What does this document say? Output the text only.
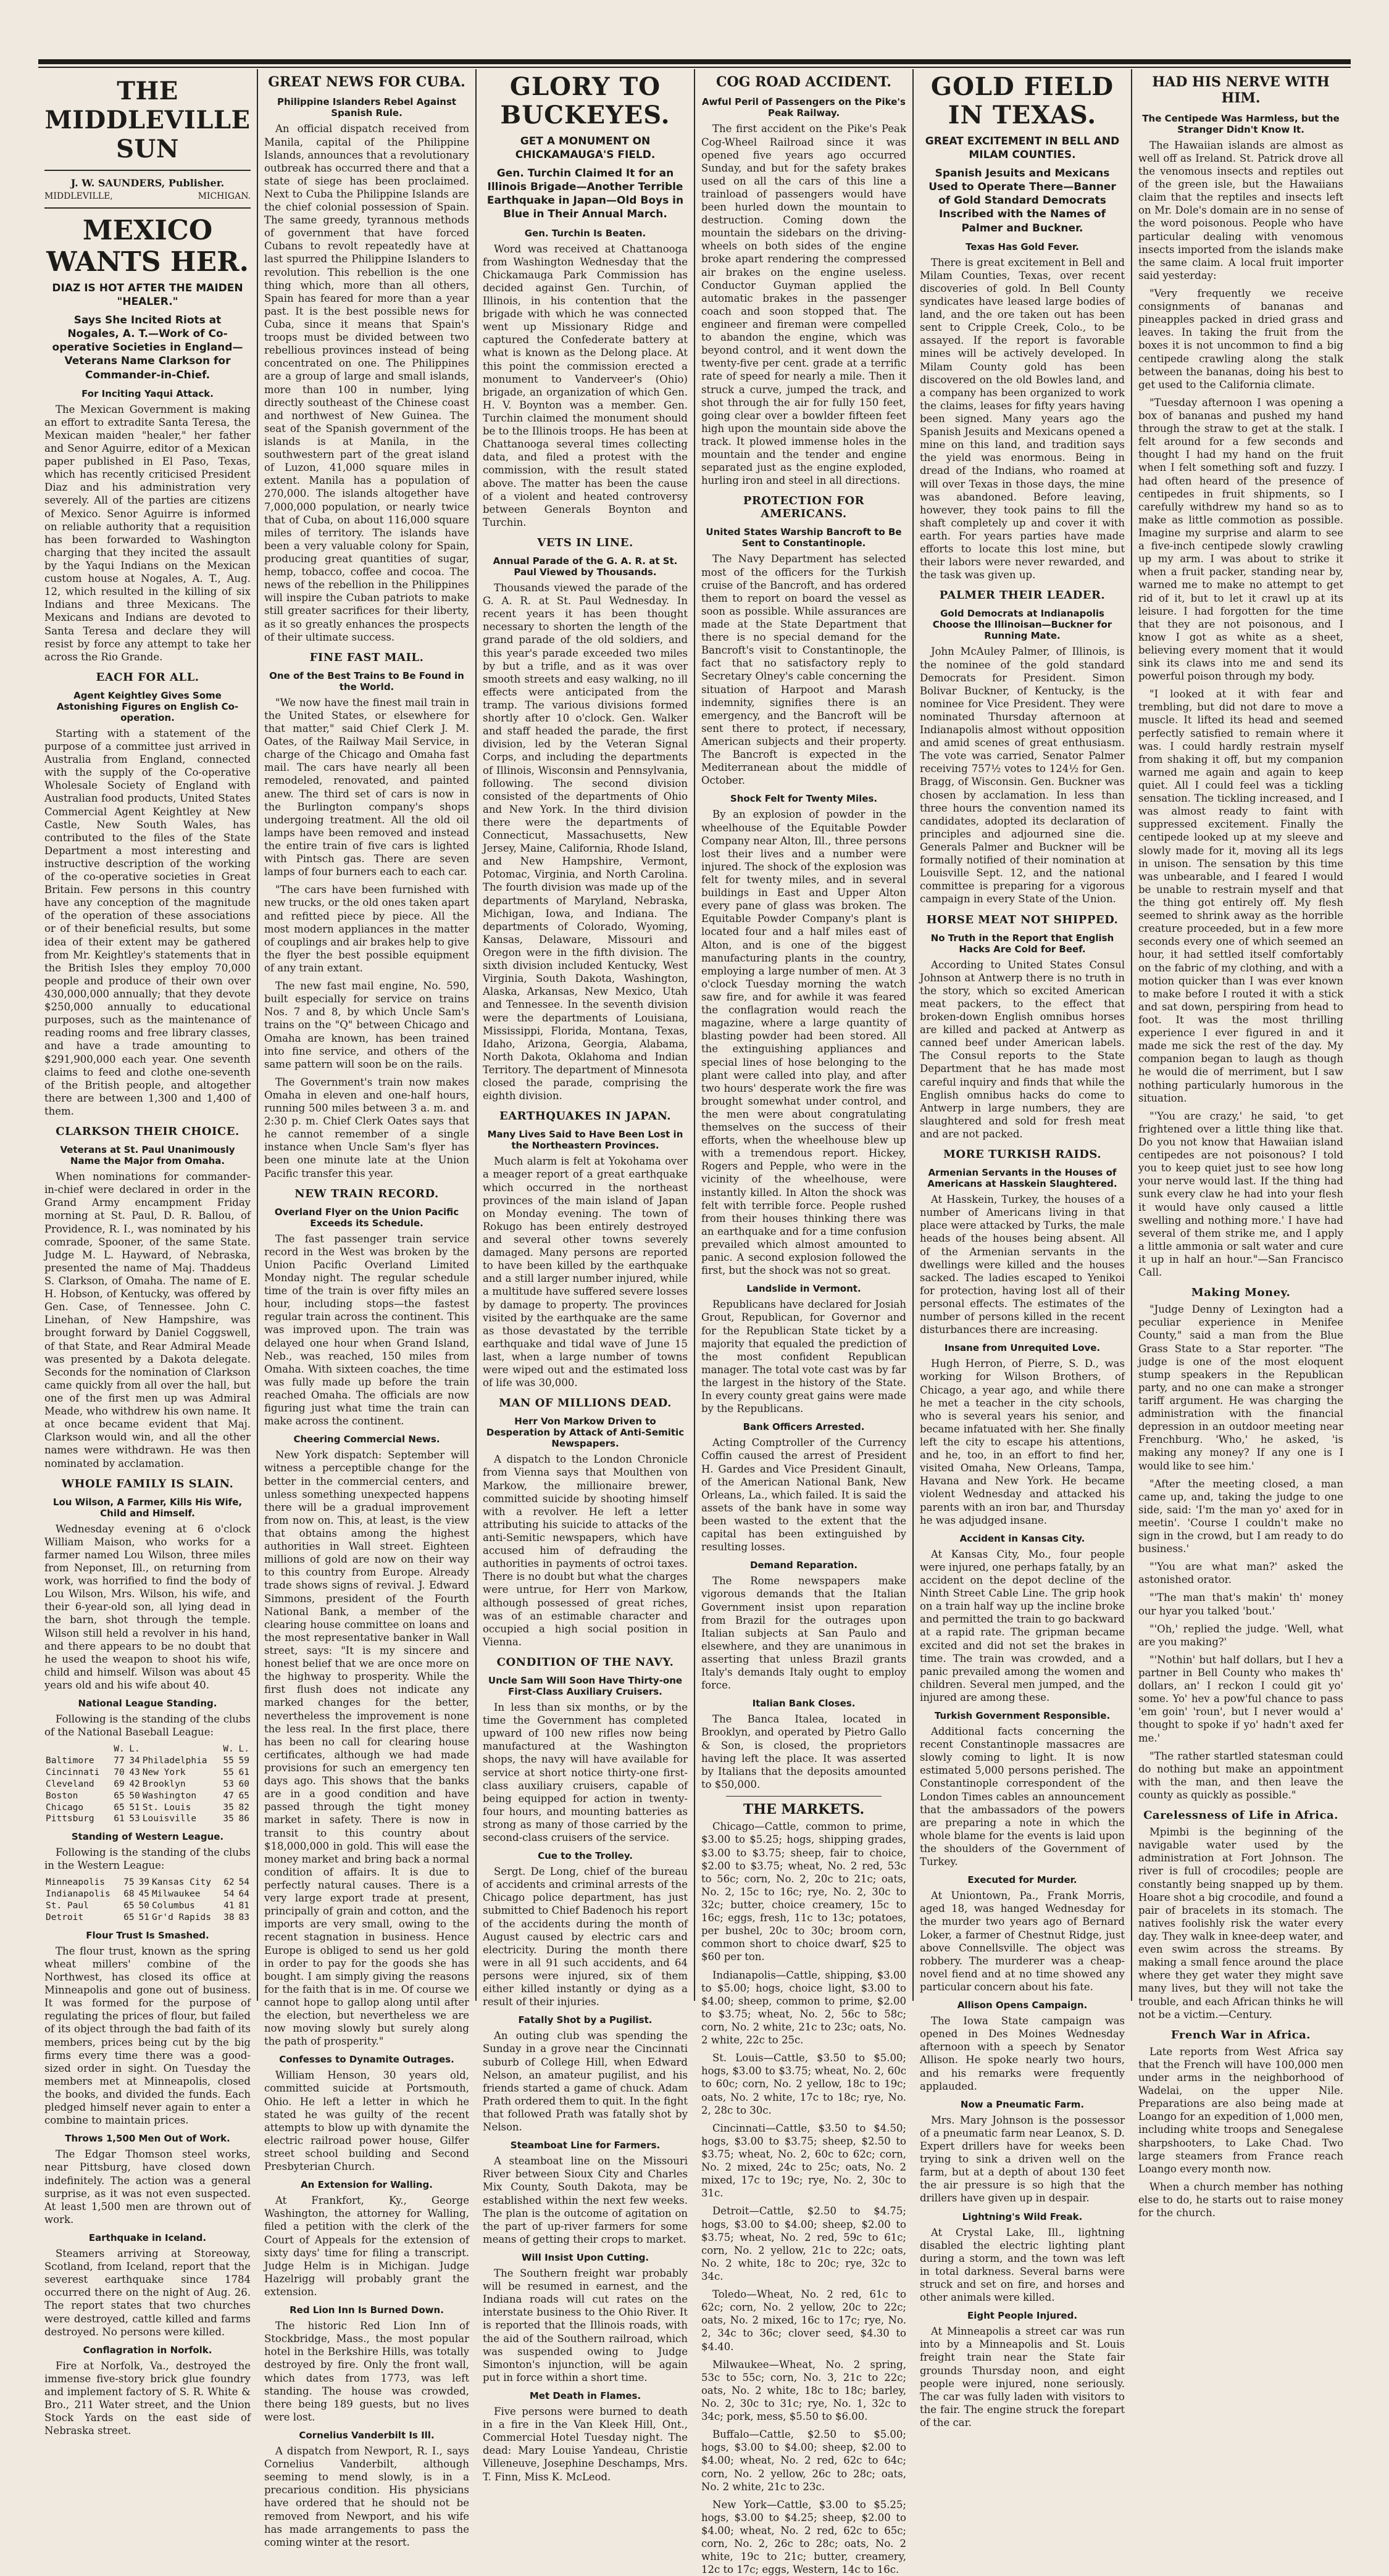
THE MIDDLEVILLE SUN
J. W. SAUNDERS, Publisher.
MIDDLEVILLE,	MICHIGAN.
MEXICO WANTS HER.
DIAZ IS HOT AFTER THE MAIDEN "HEALER."
Says She Incited Riots at Nogales, A. T.—Work of Co-operative Societies in England—Veterans Name Clarkson for Commander-in-Chief.
For Inciting Yaqui Attack.

The Mexican Government is making an effort to extradite Santa Teresa, the Mexican maiden "healer," her father and Senor Aguirre, editor of a Mexican paper published in El Paso, Texas, which has recently criticised President Diaz and his administration very severely. All of the parties are citizens of Mexico. Senor Aguirre is informed on reliable authority that a requisition has been forwarded to Washington charging that they incited the assault by the Yaqui Indians on the Mexican custom house at Nogales, A. T., Aug. 12, which resulted in the killing of six Indians and three Mexicans. The Mexicans and Indians are devoted to Santa Teresa and declare they will resist by force any attempt to take her across the Rio Grande.

EACH FOR ALL.
Agent Keightley Gives Some Astonishing Figures on English Co-operation.

Starting with a statement of the purpose of a committee just arrived in Australia from England, connected with the supply of the Co-operative Wholesale Society of England with Australian food products, United States Commercial Agent Keightley at New Castle, New South Wales, has contributed to the files of the State Department a most interesting and instructive description of the working of the co-operative societies in Great Britain. Few persons in this country have any conception of the magnitude of the operation of these associations or of their beneficial results, but some idea of their extent may be gathered from Mr. Keightley's statements that in the British Isles they employ 70,000 people and produce of their own over 430,000,000 annually; that they devote $250,000 annually to educational purposes, such as the maintenance of reading rooms and free library classes, and have a trade amounting to $291,900,000 each year. One seventh claims to feed and clothe one-seventh of the British people, and altogether there are between 1,300 and 1,400 of them.

CLARKSON THEIR CHOICE.
Veterans at St. Paul Unanimously Name the Major from Omaha.

When nominations for commander-in-chief were declared in order in the Grand Army encampment Friday morning at St. Paul, D. R. Ballou, of Providence, R. I., was nominated by his comrade, Spooner, of the same State. Judge M. L. Hayward, of Nebraska, presented the name of Maj. Thaddeus S. Clarkson, of Omaha. The name of E. H. Hobson, of Kentucky, was offered by Gen. Case, of Tennessee. John C. Linehan, of New Hampshire, was brought forward by Daniel Coggswell, of that State, and Rear Admiral Meade was presented by a Dakota delegate. Seconds for the nomination of Clarkson came quickly from all over the hall, but one of the first men up was Admiral Meade, who withdrew his own name. It at once became evident that Maj. Clarkson would win, and all the other names were withdrawn. He was then nominated by acclamation.

WHOLE FAMILY IS SLAIN.
Lou Wilson, A Farmer, Kills His Wife, Child and Himself.

Wednesday evening at 6 o'clock William Maison, who works for a farmer named Lou Wilson, three miles from Neponset, Ill., on returning from work, was horrified to find the body of Lou Wilson, Mrs. Wilson, his wife, and their 6-year-old son, all lying dead in the barn, shot through the temple. Wilson still held a revolver in his hand, and there appears to be no doubt that he used the weapon to shoot his wife, child and himself. Wilson was about 45 years old and his wife about 40.

National League Standing.

Following is the standing of the clubs of the National Baseball League:

	W.	L.		W.	L.
Baltimore	77	34	Philadelphia	55	59
Cincinnati	70	43	New York	55	61
Cleveland	69	42	Brooklyn	53	60
Boston	65	50	Washington	47	65
Chicago	65	51	St. Louis	35	82
Pittsburg	61	53	Louisville	35	86
Standing of Western League.

Following is the standing of the clubs in the Western League:

Minneapolis	75	39	Kansas City	62	54
Indianapolis	68	45	Milwaukee	54	64
St. Paul	65	50	Columbus	41	81
Detroit	65	51	Gr'd Rapids	38	83
Flour Trust Is Smashed.

The flour trust, known as the spring wheat millers' combine of the Northwest, has closed its office at Minneapolis and gone out of business. It was formed for the purpose of regulating the prices of flour, but failed of its object through the bad faith of its members, prices being cut by the big firms every time there was a good-sized order in sight. On Tuesday the members met at Minneapolis, closed the books, and divided the funds. Each pledged himself never again to enter a combine to maintain prices.

Throws 1,500 Men Out of Work.

The Edgar Thomson steel works, near Pittsburg, have closed down indefinitely. The action was a general surprise, as it was not even suspected. At least 1,500 men are thrown out of work.

Earthquake in Iceland.

Steamers arriving at Storeoway, Scotland, from Iceland, report that the severest earthquake since 1784 occurred there on the night of Aug. 26. The report states that two churches were destroyed, cattle killed and farms destroyed. No persons were killed.

Conflagration in Norfolk.

Fire at Norfolk, Va., destroyed the immense five-story brick glue foundry and implement factory of S. R. White & Bro., 211 Water street, and the Union Stock Yards on the east side of Nebraska street.

GREAT NEWS FOR CUBA.
Philippine Islanders Rebel Against Spanish Rule.

An official dispatch received from Manila, capital of the Philippine Islands, announces that a revolutionary outbreak has occurred there and that a state of siege has been proclaimed. Next to Cuba the Philippine Islands are the chief colonial possession of Spain. The same greedy, tyrannous methods of government that have forced Cubans to revolt repeatedly have at last spurred the Philippine Islanders to revolution. This rebellion is the one thing which, more than all others, Spain has feared for more than a year past. It is the best possible news for Cuba, since it means that Spain's troops must be divided between two rebellious provinces instead of being concentrated on one. The Philippines are a group of large and small islands, more than 100 in number, lying directly southeast of the Chinese coast and northwest of New Guinea. The seat of the Spanish government of the islands is at Manila, in the southwestern part of the great island of Luzon, 41,000 square miles in extent. Manila has a population of 270,000. The islands altogether have 7,000,000 population, or nearly twice that of Cuba, on about 116,000 square miles of territory. The islands have been a very valuable colony for Spain, producing great quantities of sugar, hemp, tobacco, coffee and cocoa. The news of the rebellion in the Philippines will inspire the Cuban patriots to make still greater sacrifices for their liberty, as it so greatly enhances the prospects of their ultimate success.

FINE FAST MAIL.
One of the Best Trains to Be Found in the World.

"We now have the finest mail train in the United States, or elsewhere for that matter," said Chief Clerk J. M. Oates, of the Railway Mail Service, in charge of the Chicago and Omaha fast mail. The cars have nearly all been remodeled, renovated, and painted anew. The third set of cars is now in the Burlington company's shops undergoing treatment. All the old oil lamps have been removed and instead the entire train of five cars is lighted with Pintsch gas. There are seven lamps of four burners each to each car.

"The cars have been furnished with new trucks, or the old ones taken apart and refitted piece by piece. All the most modern appliances in the matter of couplings and air brakes help to give the flyer the best possible equipment of any train extant.

The new fast mail engine, No. 590, built especially for service on trains Nos. 7 and 8, by which Uncle Sam's trains on the "Q" between Chicago and Omaha are known, has been trained into fine service, and others of the same pattern will soon be on the rails.

The Government's train now makes Omaha in eleven and one-half hours, running 500 miles between 3 a. m. and 2:30 p. m. Chief Clerk Oates says that he cannot remember of a single instance when Uncle Sam's flyer has been one minute late at the Union Pacific transfer this year.

NEW TRAIN RECORD.
Overland Flyer on the Union Pacific Exceeds its Schedule.

The fast passenger train service record in the West was broken by the Union Pacific Overland Limited Monday night. The regular schedule time of the train is over fifty miles an hour, including stops—the fastest regular train across the continent. This was improved upon. The train was delayed one hour when Grand Island, Neb., was reached, 150 miles from Omaha. With sixteen coaches, the time was fully made up before the train reached Omaha. The officials are now figuring just what time the train can make across the continent.

Cheering Commercial News.

New York dispatch: September will witness a perceptible change for the better in the commercial centers, and unless something unexpected happens there will be a gradual improvement from now on. This, at least, is the view that obtains among the highest authorities in Wall street. Eighteen millions of gold are now on their way to this country from Europe. Already trade shows signs of revival. J. Edward Simmons, president of the Fourth National Bank, a member of the clearing house committee on loans and the most representative banker in Wall street, says: "It is my sincere and honest belief that we are once more on the highway to prosperity. While the first flush does not indicate any marked changes for the better, nevertheless the improvement is none the less real. In the first place, there has been no call for clearing house certificates, although we had made provisions for such an emergency ten days ago. This shows that the banks are in a good condition and have passed through the tight money market in safety. There is now in transit to this country about $18,000,000 in gold. This will ease the money market and bring back a normal condition of affairs. It is due to perfectly natural causes. There is a very large export trade at present, principally of grain and cotton, and the imports are very small, owing to the recent stagnation in business. Hence Europe is obliged to send us her gold in order to pay for the goods she has bought. I am simply giving the reasons for the faith that is in me. Of course we cannot hope to gallop along until after the election, but nevertheless we are now moving slowly but surely along the path of prosperity."

Confesses to Dynamite Outrages.

William Henson, 30 years old, committed suicide at Portsmouth, Ohio. He left a letter in which he stated he was guilty of the recent attempts to blow up with dynamite the electric railroad power house, Gilfer street school building and Second Presbyterian Church.

An Extension for Walling.

At Frankfort, Ky., George Washington, the attorney for Walling, filed a petition with the clerk of the Court of Appeals for the extension of sixty days' time for filing a transcript. Judge Helm is in Michigan. Judge Hazelrigg will probably grant the extension.

Red Lion Inn Is Burned Down.

The historic Red Lion Inn of Stockbridge, Mass., the most popular hotel in the Berkshire Hills, was totally destroyed by fire. Only the front wall, which dates from 1773, was left standing. The house was crowded, there being 189 guests, but no lives were lost.

Cornelius Vanderbilt Is Ill.

A dispatch from Newport, R. I., says Cornelius Vanderbilt, although seeming to mend slowly, is in a precarious condition. His physicians have ordered that he should not be removed from Newport, and his wife has made arrangements to pass the coming winter at the resort.

GLORY TO BUCKEYES.
GET A MONUMENT ON CHICKAMAUGA'S FIELD.
Gen. Turchin Claimed It for an Illinois Brigade—Another Terrible Earthquake in Japan—Old Boys in Blue in Their Annual March.
Gen. Turchin Is Beaten.

Word was received at Chattanooga from Washington Wednesday that the Chickamauga Park Commission has decided against Gen. Turchin, of Illinois, in his contention that the brigade with which he was connected went up Missionary Ridge and captured the Confederate battery at what is known as the Delong place. At this point the commission erected a monument to Vanderveer's (Ohio) brigade, an organization of which Gen. H. V. Boynton was a member. Gen. Turchin claimed the monument should be to the Illinois troops. He has been at Chattanooga several times collecting data, and filed a protest with the commission, with the result stated above. The matter has been the cause of a violent and heated controversy between Generals Boynton and Turchin.

VETS IN LINE.
Annual Parade of the G. A. R. at St. Paul Viewed by Thousands.

Thousands viewed the parade of the G. A. R. at St. Paul Wednesday. In recent years it has been thought necessary to shorten the length of the grand parade of the old soldiers, and this year's parade exceeded two miles by but a trifle, and as it was over smooth streets and easy walking, no ill effects were anticipated from the tramp. The various divisions formed shortly after 10 o'clock. Gen. Walker and staff headed the parade, the first division, led by the Veteran Signal Corps, and including the departments of Illinois, Wisconsin and Pennsylvania, following. The second division consisted of the departments of Ohio and New York. In the third division there were the departments of Connecticut, Massachusetts, New Jersey, Maine, California, Rhode Island, and New Hampshire, Vermont, Potomac, Virginia, and North Carolina. The fourth division was made up of the departments of Maryland, Nebraska, Michigan, Iowa, and Indiana. The departments of Colorado, Wyoming, Kansas, Delaware, Missouri and Oregon were in the fifth division. The sixth division included Kentucky, West Virginia, South Dakota, Washington, Alaska, Arkansas, New Mexico, Utah and Tennessee. In the seventh division were the departments of Louisiana, Mississippi, Florida, Montana, Texas, Idaho, Arizona, Georgia, Alabama, North Dakota, Oklahoma and Indian Territory. The department of Minnesota closed the parade, comprising the eighth division.

EARTHQUAKES IN JAPAN.
Many Lives Said to Have Been Lost in the Northeastern Provinces.

Much alarm is felt at Yokohama over a meager report of a great earthquake which occurred in the northeast provinces of the main island of Japan on Monday evening. The town of Rokugo has been entirely destroyed and several other towns severely damaged. Many persons are reported to have been killed by the earthquake and a still larger number injured, while a multitude have suffered severe losses by damage to property. The provinces visited by the earthquake are the same as those devastated by the terrible earthquake and tidal wave of June 15 last, when a large number of towns were wiped out and the estimated loss of life was 30,000.

MAN OF MILLIONS DEAD.
Herr Von Markow Driven to Desperation by Attack of Anti-Semitic Newspapers.

A dispatch to the London Chronicle from Vienna says that Moulthen von Markow, the millionaire brewer, committed suicide by shooting himself with a revolver. He left a letter attributing his suicide to attacks of the anti-Semitic newspapers, which have accused him of defrauding the authorities in payments of octroi taxes. There is no doubt but what the charges were untrue, for Herr von Markow, although possessed of great riches, was of an estimable character and occupied a high social position in Vienna.

CONDITION OF THE NAVY.
Uncle Sam Will Soon Have Thirty-one First-Class Auxiliary Cruisers.

In less than six months, or by the time the Government has completed upward of 100 new rifles now being manufactured at the Washington shops, the navy will have available for service at short notice thirty-one first-class auxiliary cruisers, capable of being equipped for action in twenty-four hours, and mounting batteries as strong as many of those carried by the second-class cruisers of the service.

Cue to the Trolley.

Sergt. De Long, chief of the bureau of accidents and criminal arrests of the Chicago police department, has just submitted to Chief Badenoch his report of the accidents during the month of August caused by electric cars and electricity. During the month there were in all 91 such accidents, and 64 persons were injured, six of them either killed instantly or dying as a result of their injuries.

Fatally Shot by a Pugilist.

An outing club was spending the Sunday in a grove near the Cincinnati suburb of College Hill, when Edward Nelson, an amateur pugilist, and his friends started a game of chuck. Adam Prath ordered them to quit. In the fight that followed Prath was fatally shot by Nelson.

Steamboat Line for Farmers.

A steamboat line on the Missouri River between Sioux City and Charles Mix County, South Dakota, may be established within the next few weeks. The plan is the outcome of agitation on the part of up-river farmers for some means of getting their crops to market.

Will Insist Upon Cutting.

The Southern freight war probably will be resumed in earnest, and the Indiana roads will cut rates on the interstate business to the Ohio River. It is reported that the Illinois roads, with the aid of the Southern railroad, which was suspended owing to Judge Simonton's injunction, will be again put in force within a short time.

Met Death in Flames.

Five persons were burned to death in a fire in the Van Kleek Hill, Ont., Commercial Hotel Tuesday night. The dead: Mary Louise Yandeau, Christie Villeneuve, Josephine Deschamps, Mrs. T. Finn, Miss K. McLeod.

COG ROAD ACCIDENT.
Awful Peril of Passengers on the Pike's Peak Railway.

The first accident on the Pike's Peak Cog-Wheel Railroad since it was opened five years ago occurred Sunday, and but for the safety brakes used on all the cars of this line a trainload of passengers would have been hurled down the mountain to destruction. Coming down the mountain the sidebars on the driving-wheels on both sides of the engine broke apart rendering the compressed air brakes on the engine useless. Conductor Guyman applied the automatic brakes in the passenger coach and soon stopped that. The engineer and fireman were compelled to abandon the engine, which was beyond control, and it went down the twenty-five per cent. grade at a terrific rate of speed for nearly a mile. Then it struck a curve, jumped the track, and shot through the air for fully 150 feet, going clear over a bowlder fifteen feet high upon the mountain side above the track. It plowed immense holes in the mountain and the tender and engine separated just as the engine exploded, hurling iron and steel in all directions.

PROTECTION FOR AMERICANS.
United States Warship Bancroft to Be Sent to Constantinople.

The Navy Department has selected most of the officers for the Turkish cruise of the Bancroft, and has ordered them to report on board the vessel as soon as possible. While assurances are made at the State Department that there is no special demand for the Bancroft's visit to Constantinople, the fact that no satisfactory reply to Secretary Olney's cable concerning the situation of Harpoot and Marash indemnity, signifies there is an emergency, and the Bancroft will be sent there to protect, if necessary, American subjects and their property. The Bancroft is expected in the Mediterranean about the middle of October.

Shock Felt for Twenty Miles.

By an explosion of powder in the wheelhouse of the Equitable Powder Company near Alton, Ill., three persons lost their lives and a number were injured. The shock of the explosion was felt for twenty miles, and in several buildings in East and Upper Alton every pane of glass was broken. The Equitable Powder Company's plant is located four and a half miles east of Alton, and is one of the biggest manufacturing plants in the country, employing a large number of men. At 3 o'clock Tuesday morning the watch saw fire, and for awhile it was feared the conflagration would reach the magazine, where a large quantity of blasting powder had been stored. All the extinguishing appliances and special lines of hose belonging to the plant were called into play, and after two hours' desperate work the fire was brought somewhat under control, and the men were about congratulating themselves on the success of their efforts, when the wheelhouse blew up with a tremendous report. Hickey, Rogers and Pepple, who were in the vicinity of the wheelhouse, were instantly killed. In Alton the shock was felt with terrible force. People rushed from their houses thinking there was an earthquake and for a time confusion prevailed which almost amounted to panic. A second explosion followed the first, but the shock was not so great.

Landslide in Vermont.

Republicans have declared for Josiah Grout, Republican, for Governor and for the Republican State ticket by a majority that equaled the prediction of the most confident Republican manager. The total vote cast was by far the largest in the history of the State. In every county great gains were made by the Republicans.

Bank Officers Arrested.

Acting Comptroller of the Currency Coffin caused the arrest of President H. Gardes and Vice President Ginault, of the American National Bank, New Orleans, La., which failed. It is said the assets of the bank have in some way been wasted to the extent that the capital has been extinguished by resulting losses.

Demand Reparation.

The Rome newspapers make vigorous demands that the Italian Government insist upon reparation from Brazil for the outrages upon Italian subjects at San Paulo and elsewhere, and they are unanimous in asserting that unless Brazil grants Italy's demands Italy ought to employ force.

Italian Bank Closes.

The Banca Italea, located in Brooklyn, and operated by Pietro Gallo & Son, is closed, the proprietors having left the place. It was asserted by Italians that the deposits amounted to $50,000.

THE MARKETS.

Chicago—Cattle, common to prime, $3.00 to $5.25; hogs, shipping grades, $3.00 to $3.75; sheep, fair to choice, $2.00 to $3.75; wheat, No. 2 red, 53c to 56c; corn, No. 2, 20c to 21c; oats, No. 2, 15c to 16c; rye, No. 2, 30c to 32c; butter, choice creamery, 15c to 16c; eggs, fresh, 11c to 13c; potatoes, per bushel, 20c to 30c; broom corn, common short to choice dwarf, $25 to $60 per ton.

Indianapolis—Cattle, shipping, $3.00 to $5.00; hogs, choice light, $3.00 to $4.00; sheep, common to prime, $2.00 to $3.75; wheat, No. 2, 56c to 58c; corn, No. 2 white, 21c to 23c; oats, No. 2 white, 22c to 25c.

St. Louis—Cattle, $3.50 to $5.00; hogs, $3.00 to $3.75; wheat, No. 2, 60c to 60c; corn, No. 2 yellow, 18c to 19c; oats, No. 2 white, 17c to 18c; rye, No. 2, 28c to 30c.

Cincinnati—Cattle, $3.50 to $4.50; hogs, $3.00 to $3.75; sheep, $2.50 to $3.75; wheat, No. 2, 60c to 62c; corn, No. 2 mixed, 24c to 25c; oats, No. 2 mixed, 17c to 19c; rye, No. 2, 30c to 31c.

Detroit—Cattle, $2.50 to $4.75; hogs, $3.00 to $4.00; sheep, $2.00 to $3.75; wheat, No. 2 red, 59c to 61c; corn, No. 2 yellow, 21c to 22c; oats, No. 2 white, 18c to 20c; rye, 32c to 34c.

Toledo—Wheat, No. 2 red, 61c to 62c; corn, No. 2 yellow, 20c to 22c; oats, No. 2 mixed, 16c to 17c; rye, No. 2, 34c to 36c; clover seed, $4.30 to $4.40.

Milwaukee—Wheat, No. 2 spring, 53c to 55c; corn, No. 3, 21c to 22c; oats, No. 2 white, 18c to 18c; barley, No. 2, 30c to 31c; rye, No. 1, 32c to 34c; pork, mess, $5.50 to $6.00.

Buffalo—Cattle, $2.50 to $5.00; hogs, $3.00 to $4.00; sheep, $2.00 to $4.00; wheat, No. 2 red, 62c to 64c; corn, No. 2 yellow, 26c to 28c; oats, No. 2 white, 21c to 23c.

New York—Cattle, $3.00 to $5.25; hogs, $3.00 to $4.25; sheep, $2.00 to $4.00; wheat, No. 2 red, 62c to 65c; corn, No. 2, 26c to 28c; oats, No. 2 white, 19c to 21c; butter, creamery, 12c to 17c; eggs, Western, 14c to 16c.

GOLD FIELD IN TEXAS.
GREAT EXCITEMENT IN BELL AND MILAM COUNTIES.
Spanish Jesuits and Mexicans Used to Operate There—Banner of Gold Standard Democrats Inscribed with the Names of Palmer and Buckner.
Texas Has Gold Fever.

There is great excitement in Bell and Milam Counties, Texas, over recent discoveries of gold. In Bell County syndicates have leased large bodies of land, and the ore taken out has been sent to Cripple Creek, Colo., to be assayed. If the report is favorable mines will be actively developed. In Milam County gold has been discovered on the old Bowles land, and a company has been organized to work the claims, leases for fifty years having been signed. Many years ago the Spanish Jesuits and Mexicans opened a mine on this land, and tradition says the yield was enormous. Being in dread of the Indians, who roamed at will over Texas in those days, the mine was abandoned. Before leaving, however, they took pains to fill the shaft completely up and cover it with earth. For years parties have made efforts to locate this lost mine, but their labors were never rewarded, and the task was given up.

PALMER THEIR LEADER.
Gold Democrats at Indianapolis Choose the Illinoisan—Buckner for Running Mate.

John McAuley Palmer, of Illinois, is the nominee of the gold standard Democrats for President. Simon Bolivar Buckner, of Kentucky, is the nominee for Vice President. They were nominated Thursday afternoon at Indianapolis almost without opposition and amid scenes of great enthusiasm. The vote was carried, Senator Palmer receiving 757½ votes to 124½ for Gen. Bragg, of Wisconsin. Gen. Buckner was chosen by acclamation. In less than three hours the convention named its candidates, adopted its declaration of principles and adjourned sine die. Generals Palmer and Buckner will be formally notified of their nomination at Louisville Sept. 12, and the national committee is preparing for a vigorous campaign in every State of the Union.

HORSE MEAT NOT SHIPPED.
No Truth in the Report that English Hacks Are Cold for Beef.

According to United States Consul Johnson at Antwerp there is no truth in the story, which so excited American meat packers, to the effect that broken-down English omnibus horses are killed and packed at Antwerp as canned beef under American labels. The Consul reports to the State Department that he has made most careful inquiry and finds that while the English omnibus hacks do come to Antwerp in large numbers, they are slaughtered and sold for fresh meat and are not packed.

MORE TURKISH RAIDS.
Armenian Servants in the Houses of Americans at Hasskein Slaughtered.

At Hasskein, Turkey, the houses of a number of Americans living in that place were attacked by Turks, the male heads of the houses being absent. All of the Armenian servants in the dwellings were killed and the houses sacked. The ladies escaped to Yenikoi for protection, having lost all of their personal effects. The estimates of the number of persons killed in the recent disturbances there are increasing.

Insane from Unrequited Love.

Hugh Herron, of Pierre, S. D., was working for Wilson Brothers, of Chicago, a year ago, and while there he met a teacher in the city schools, who is several years his senior, and became infatuated with her. She finally left the city to escape his attentions, and he, too, in an effort to find her, visited Omaha, New Orleans, Tampa, Havana and New York. He became violent Wednesday and attacked his parents with an iron bar, and Thursday he was adjudged insane.

Accident in Kansas City.

At Kansas City, Mo., four people were injured, one perhaps fatally, by an accident on the depot decline of the Ninth Street Cable Line. The grip hook on a train half way up the incline broke and permitted the train to go backward at a rapid rate. The gripman became excited and did not set the brakes in time. The train was crowded, and a panic prevailed among the women and children. Several men jumped, and the injured are among these.

Turkish Government Responsible.

Additional facts concerning the recent Constantinople massacres are slowly coming to light. It is now estimated 5,000 persons perished. The Constantinople correspondent of the London Times cables an announcement that the ambassadors of the powers are preparing a note in which the whole blame for the events is laid upon the shoulders of the Government of Turkey.

Executed for Murder.

At Uniontown, Pa., Frank Morris, aged 18, was hanged Wednesday for the murder two years ago of Bernard Loker, a farmer of Chestnut Ridge, just above Connellsville. The object was robbery. The murderer was a cheap-novel fiend and at no time showed any particular concern about his fate.

Allison Opens Campaign.

The Iowa State campaign was opened in Des Moines Wednesday afternoon with a speech by Senator Allison. He spoke nearly two hours, and his remarks were frequently applauded.

Now a Pneumatic Farm.

Mrs. Mary Johnson is the possessor of a pneumatic farm near Leanox, S. D. Expert drillers have for weeks been trying to sink a driven well on the farm, but at a depth of about 130 feet the air pressure is so high that the drillers have given up in despair.

Lightning's Wild Freak.

At Crystal Lake, Ill., lightning disabled the electric lighting plant during a storm, and the town was left in total darkness. Several barns were struck and set on fire, and horses and other animals were killed.

Eight People Injured.

At Minneapolis a street car was run into by a Minneapolis and St. Louis freight train near the State fair grounds Thursday noon, and eight people were injured, none seriously. The car was fully laden with visitors to the fair. The engine struck the forepart of the car.

HAD HIS NERVE WITH HIM.
The Centipede Was Harmless, but the Stranger Didn't Know It.

The Hawaiian islands are almost as well off as Ireland. St. Patrick drove all the venomous insects and reptiles out of the green isle, but the Hawaiians claim that the reptiles and insects left on Mr. Dole's domain are in no sense of the word poisonous. People who have particular dealing with venomous insects imported from the islands make the same claim. A local fruit importer said yesterday:

"Very frequently we receive consignments of bananas and pineapples packed in dried grass and leaves. In taking the fruit from the boxes it is not uncommon to find a big centipede crawling along the stalk between the bananas, doing his best to get used to the California climate.

"Tuesday afternoon I was opening a box of bananas and pushed my hand through the straw to get at the stalk. I felt around for a few seconds and thought I had my hand on the fruit when I felt something soft and fuzzy. I had often heard of the presence of centipedes in fruit shipments, so I carefully withdrew my hand so as to make as little commotion as possible. Imagine my surprise and alarm to see a five-inch centipede slowly crawling up my arm. I was about to strike it when a fruit packer, standing near by, warned me to make no attempt to get rid of it, but to let it crawl up at its leisure. I had forgotten for the time that they are not poisonous, and I know I got as white as a sheet, believing every moment that it would sink its claws into me and send its powerful poison through my body.

"I looked at it with fear and trembling, but did not dare to move a muscle. It lifted its head and seemed perfectly satisfied to remain where it was. I could hardly restrain myself from shaking it off, but my companion warned me again and again to keep quiet. All I could feel was a tickling sensation. The tickling increased, and I was almost ready to faint with suppressed excitement. Finally the centipede looked up at my sleeve and slowly made for it, moving all its legs in unison. The sensation by this time was unbearable, and I feared I would be unable to restrain myself and that the thing got entirely off. My flesh seemed to shrink away as the horrible creature proceeded, but in a few more seconds every one of which seemed an hour, it had settled itself comfortably on the fabric of my clothing, and with a motion quicker than I was ever known to make before I routed it with a stick and sat down, perspiring from head to foot. It was the most thrilling experience I ever figured in and it made me sick the rest of the day. My companion began to laugh as though he would die of merriment, but I saw nothing particularly humorous in the situation.

"'You are crazy,' he said, 'to get frightened over a little thing like that. Do you not know that Hawaiian island centipedes are not poisonous? I told you to keep quiet just to see how long your nerve would last. If the thing had sunk every claw he had into your flesh it would have only caused a little swelling and nothing more.' I have had several of them strike me, and I apply a little ammonia or salt water and cure it up in half an hour."—San Francisco Call.

Making Money.

"Judge Denny of Lexington had a peculiar experience in Menifee County," said a man from the Blue Grass State to a Star reporter. "The judge is one of the most eloquent stump speakers in the Republican party, and no one can make a stronger tariff argument. He was charging the administration with the financial depression in an outdoor meeting near Frenchburg. 'Who,' he asked, 'is making any money? If any one is I would like to see him.'

"After the meeting closed, a man came up, and, taking the judge to one side, said: 'I'm the man yo' axed for in meetin'. 'Course I couldn't make no sign in the crowd, but I am ready to do business.'

"'You are what man?' asked the astonished orator.

"'The man that's makin' th' money our hyar you talked 'bout.'

"'Oh,' replied the judge. 'Well, what are you making?'

"'Nothin' but half dollars, but I hev a partner in Bell County who makes th' dollars, an' I reckon I could git yo' some. Yo' hev a pow'ful chance to pass 'em goin' 'roun', but I never would a' thought to spoke if yo' hadn't axed fer me.'

"The rather startled statesman could do nothing but make an appointment with the man, and then leave the county as quickly as possible."

Carelessness of Life in Africa.

Mpimbi is the beginning of the navigable water used by the administration at Fort Johnson. The river is full of crocodiles; people are constantly being snapped up by them. Hoare shot a big crocodile, and found a pair of bracelets in its stomach. The natives foolishly risk the water every day. They walk in knee-deep water, and even swim across the streams. By making a small fence around the place where they get water they might save many lives, but they will not take the trouble, and each African thinks he will not be a victim.—Century.

French War in Africa.

Late reports from West Africa say that the French will have 100,000 men under arms in the neighborhood of Wadelai, on the upper Nile. Preparations are also being made at Loango for an expedition of 1,000 men, including white troops and Senegalese sharpshooters, to Lake Chad. Two large steamers from France reach Loango every month now.

When a church member has nothing else to do, he starts out to raise money for the church.
